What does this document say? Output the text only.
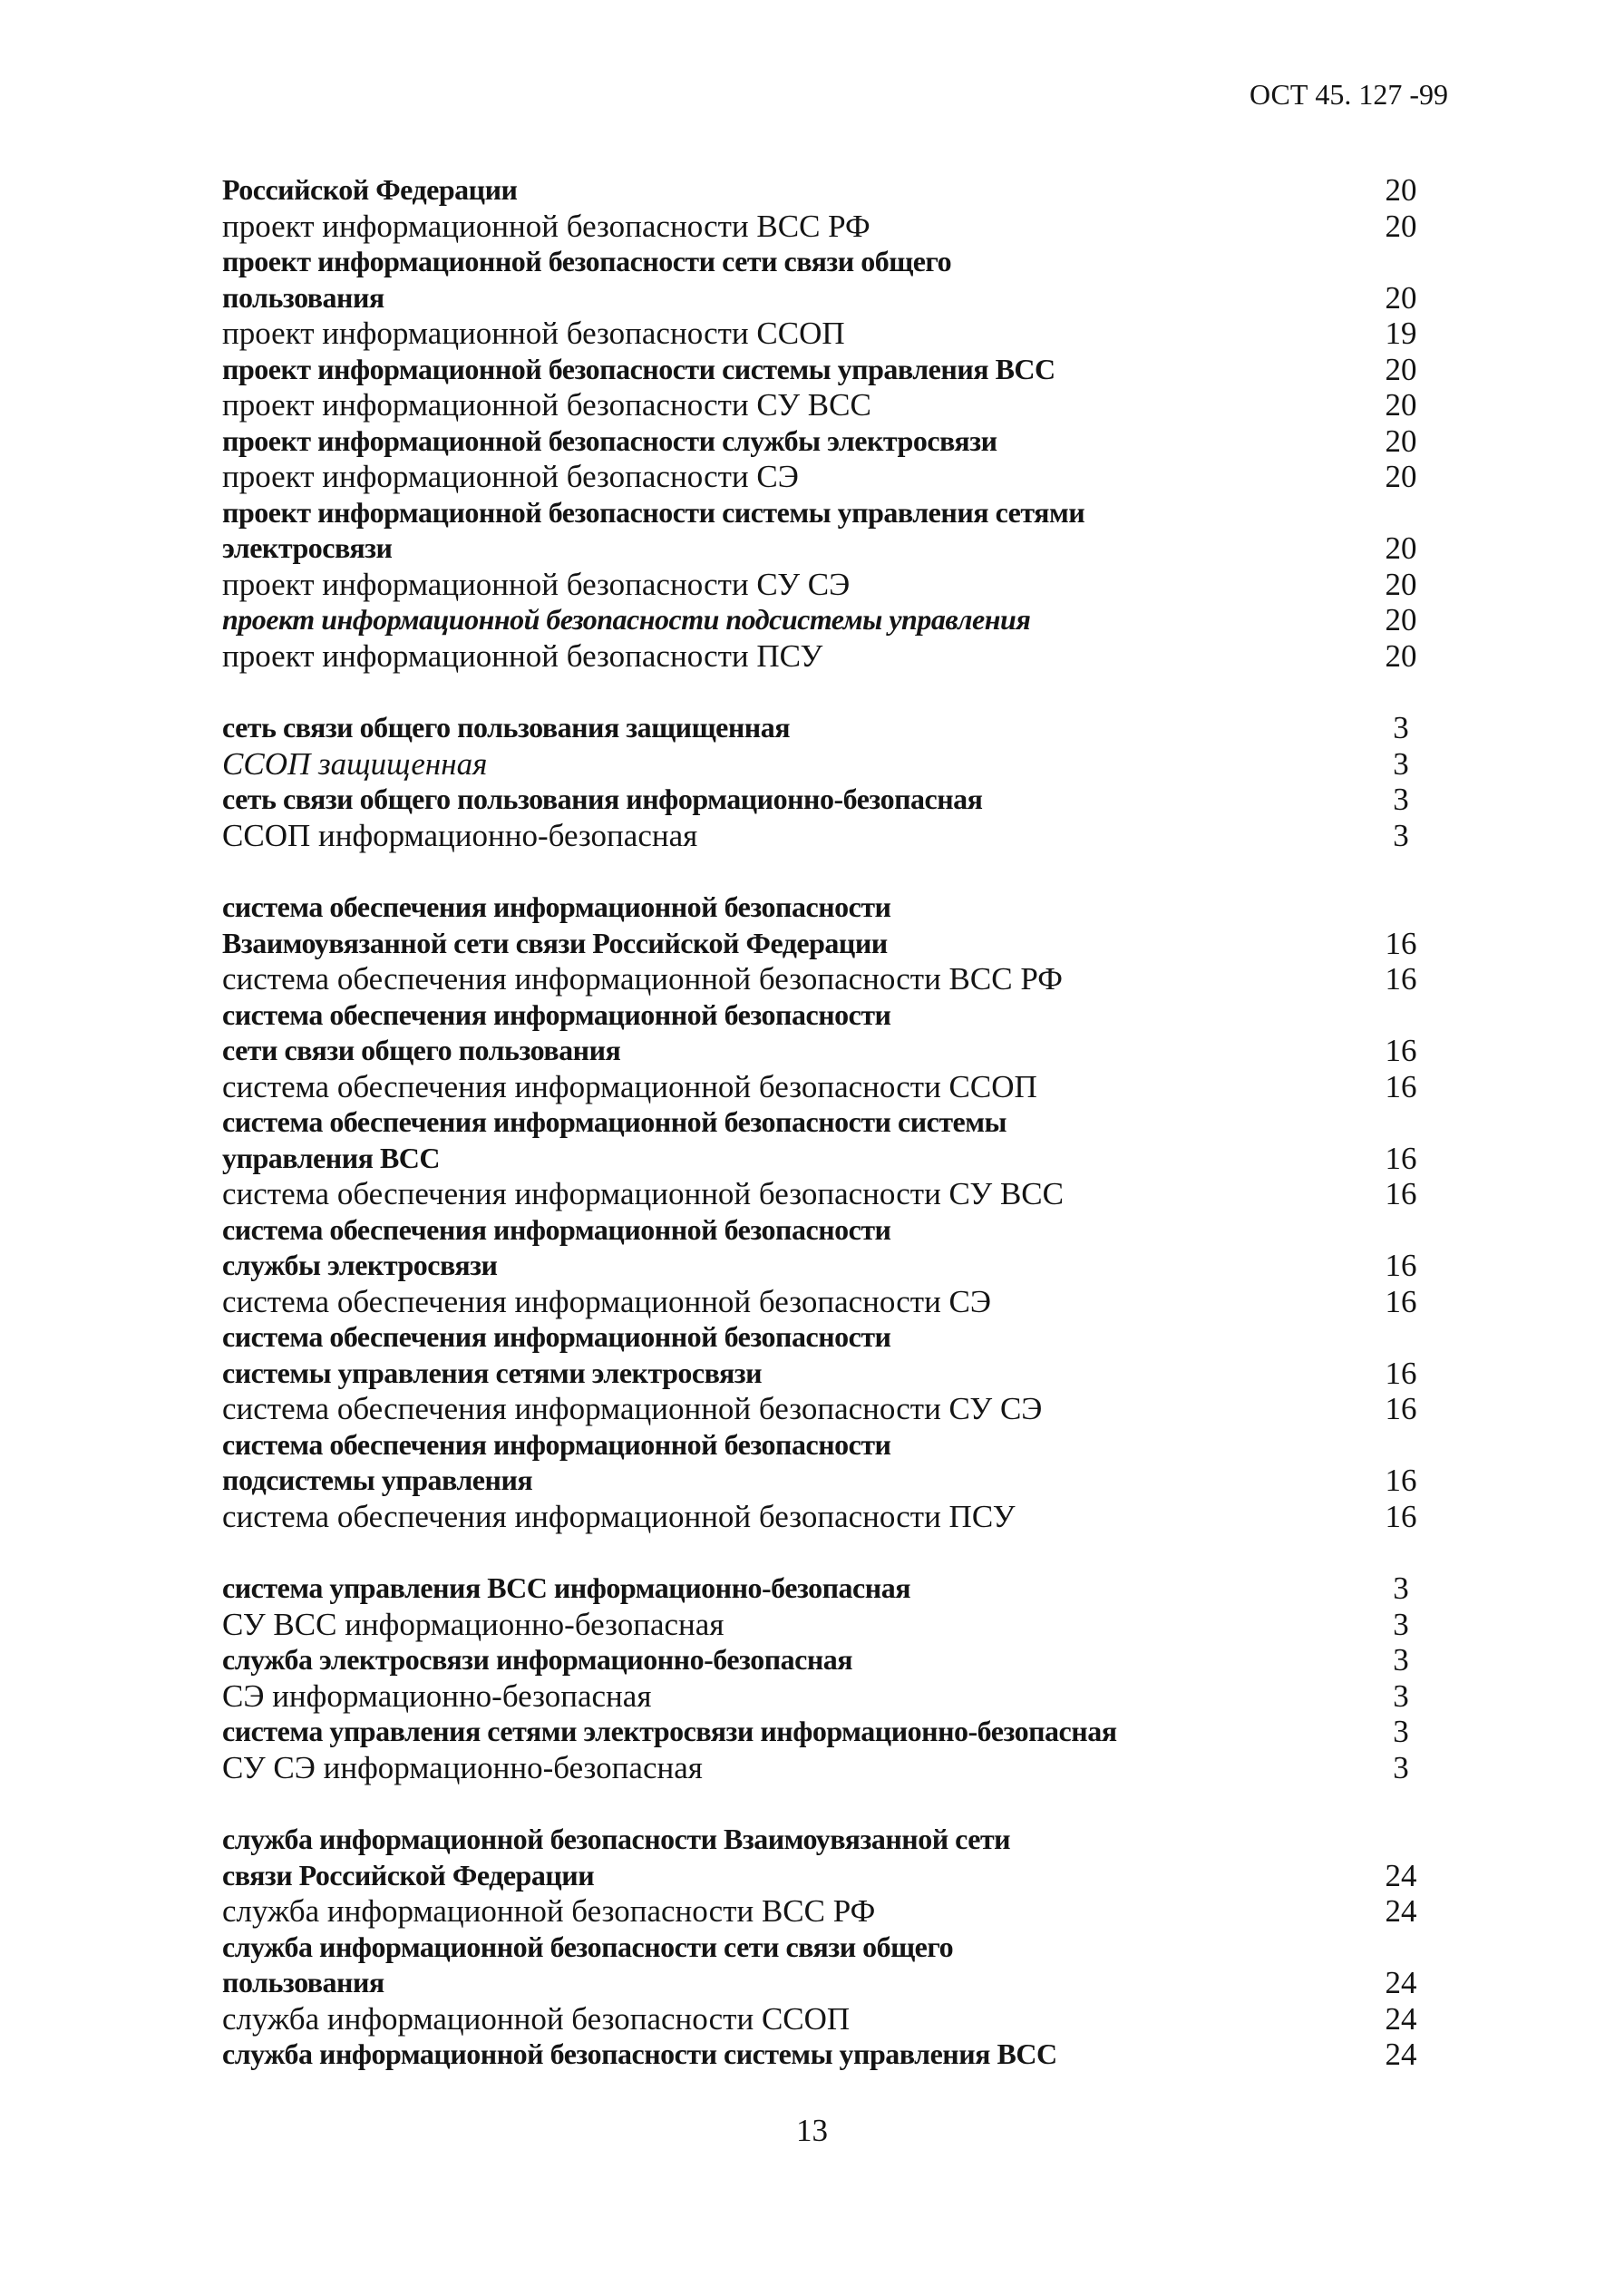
ОСТ 45. 127 -99
Российской Федерации	20
проект информационной безопасности ВСС РФ	20
проект информационной безопасности сети связи общего
пользования	20
проект информационной безопасности ССОП	19
проект информационной безопасности системы управления ВСС	20
проект информационной безопасности СУ ВСС	20
проект информационной безопасности службы электросвязи	20
проект информационной безопасности СЭ	20
проект информационной безопасности системы управления сетями
электросвязи	20
проект информационной безопасности СУ СЭ	20
проект информационной безопасности подсистемы управления	20
проект информационной безопасности ПСУ	20
сеть связи общего пользования защищенная	3
ССОП защищенная	3
сеть связи общего пользования информационно-безопасная	3
ССОП информационно-безопасная	3
система обеспечения информационной безопасности
Взаимоувязанной сети связи Российской Федерации	16
система обеспечения информационной безопасности ВСС РФ	16
система обеспечения информационной безопасности
сети связи общего пользования	16
система обеспечения информационной безопасности ССОП	16
система обеспечения информационной безопасности системы
управления ВСС	16
система обеспечения информационной безопасности СУ ВСС	16
система обеспечения информационной безопасности
службы электросвязи	16
система обеспечения информационной безопасности СЭ	16
система обеспечения информационной безопасности
системы управления сетями электросвязи	16
система обеспечения информационной безопасности СУ СЭ	16
система обеспечения информационной безопасности
подсистемы управления	16
система обеспечения информационной безопасности ПСУ	16
система управления ВСС информационно-безопасная	3
СУ ВСС информационно-безопасная	3
служба электросвязи информационно-безопасная	3
СЭ информационно-безопасная	3
система управления сетями электросвязи информационно-безопасная	3
СУ СЭ информационно-безопасная	3
служба информационной безопасности Взаимоувязанной сети
связи Российской Федерации	24
служба информационной безопасности ВСС РФ	24
служба информационной безопасности сети связи общего
пользования	24
служба информационной безопасности ССОП	24
служба информационной безопасности системы управления ВСС	24
13
